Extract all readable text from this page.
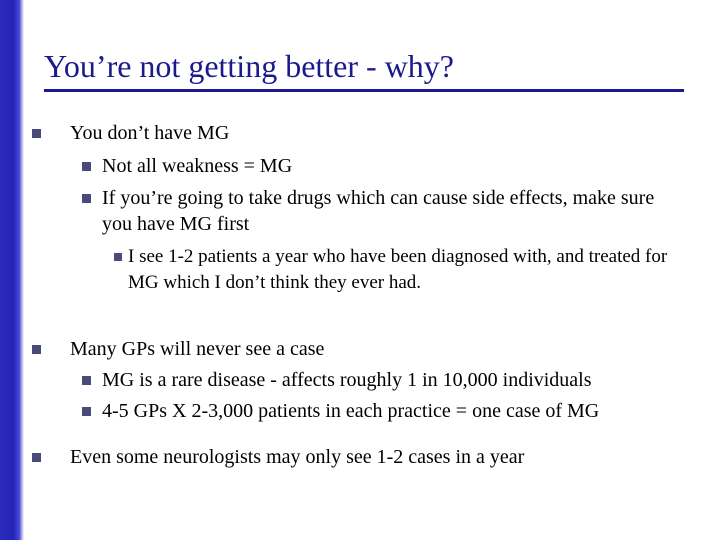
You’re not getting better - why?
You don’t have MG
Not all weakness = MG
If you’re going to take drugs which can cause side effects, make sure you have MG first
I see 1-2 patients a year who have been diagnosed with, and treated for MG which I don’t think they ever had.
Many GPs will never see a case
MG is a rare disease - affects roughly 1 in 10,000 individuals
4-5 GPs X 2-3,000 patients in each practice = one case of MG
Even some neurologists may only see 1-2 cases in a year
